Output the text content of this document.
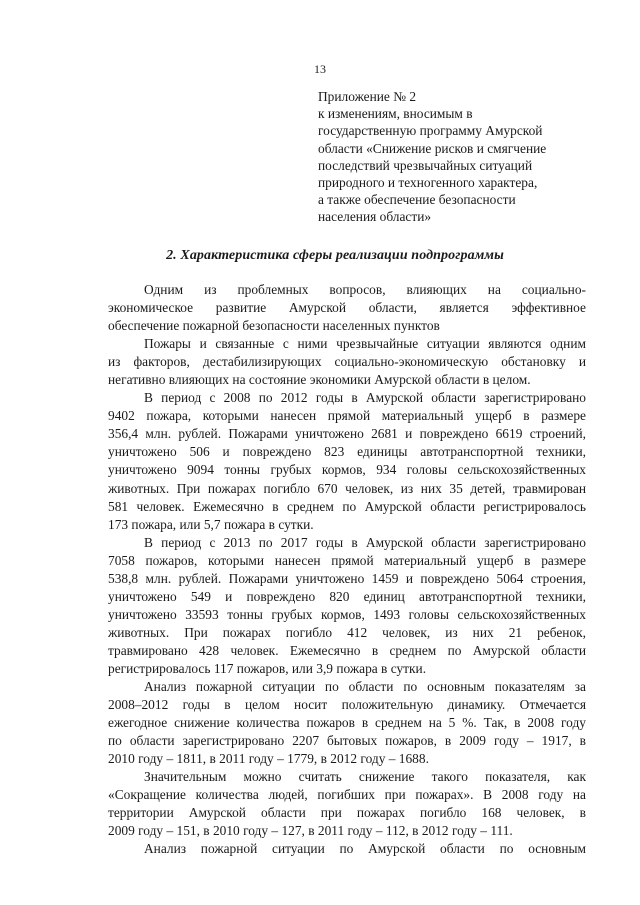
13
Приложение № 2
к изменениям, вносимым в
государственную программу Амурской
области «Снижение рисков и смягчение
последствий чрезвычайных ситуаций
природного и техногенного характера,
а также обеспечение безопасности
населения области»
2. Характеристика сферы реализации подпрограммы
Одним из проблемных вопросов, влияющих на социально-
экономическое развитие Амурской области, является эффективное
обеспечение пожарной безопасности населенных пунктов
Пожары и связанные с ними чрезвычайные ситуации являются одним
из факторов, дестабилизирующих социально-экономическую обстановку и
негативно влияющих на состояние экономики Амурской области в целом.
В период с 2008 по 2012 годы в Амурской области зарегистрировано
9402 пожара, которыми нанесен прямой материальный ущерб в размере
356,4 млн. рублей. Пожарами уничтожено 2681 и повреждено 6619 строений,
уничтожено 506 и повреждено 823 единицы автотранспортной техники,
уничтожено 9094 тонны грубых кормов, 934 головы сельскохозяйственных
животных. При пожарах погибло 670 человек, из них 35 детей, травмирован
581 человек. Ежемесячно в среднем по Амурской области регистрировалось
173 пожара, или 5,7 пожара в сутки.
В период с 2013 по 2017 годы в Амурской области зарегистрировано
7058 пожаров, которыми нанесен прямой материальный ущерб в размере
538,8 млн. рублей. Пожарами уничтожено 1459 и повреждено 5064 строения,
уничтожено 549 и повреждено 820 единиц автотранспортной техники,
уничтожено 33593 тонны грубых кормов, 1493 головы сельскохозяйственных
животных. При пожарах погибло 412 человек, из них 21 ребенок,
травмировано 428 человек. Ежемесячно в среднем по Амурской области
регистрировалось 117 пожаров, или 3,9 пожара в сутки.
Анализ пожарной ситуации по области по основным показателям за
2008–2012 годы в целом носит положительную динамику. Отмечается
ежегодное снижение количества пожаров в среднем на 5 %. Так, в 2008 году
по области зарегистрировано 2207 бытовых пожаров, в 2009 году – 1917, в
2010 году – 1811, в 2011 году – 1779, в 2012 году – 1688.
Значительным можно считать снижение такого показателя, как
«Сокращение количества людей, погибших при пожарах». В 2008 году на
территории Амурской области при пожарах погибло 168 человек, в
2009 году – 151, в 2010 году – 127, в 2011 году – 112, в 2012 году – 111.
Анализ пожарной ситуации по Амурской области по основным
